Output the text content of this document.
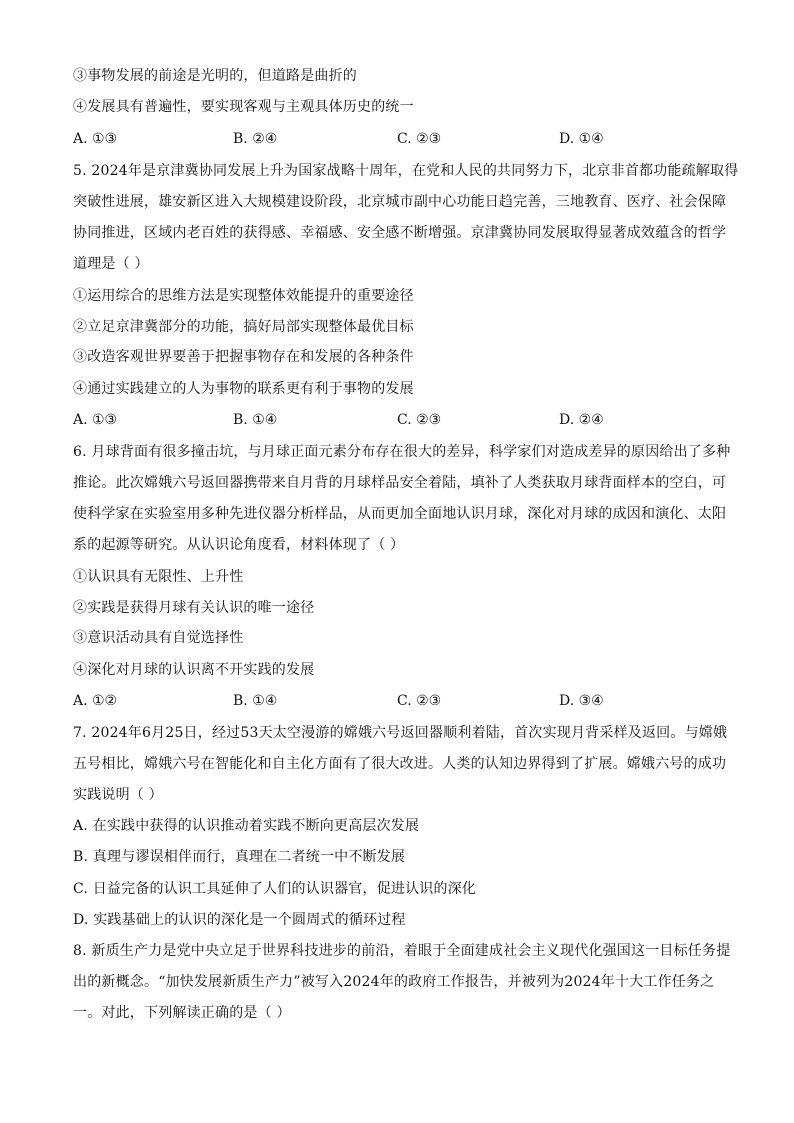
③事物发展的前途是光明的，但道路是曲折的
④发展具有普遍性，要实现客观与主观具体历史的统一
A. ①③	B. ②④	C. ②③	D. ①④
5. 2024年是京津冀协同发展上升为国家战略十周年，在党和人民的共同努力下，北京非首都功能疏解取得
突破性进展，雄安新区进入大规模建设阶段，北京城市副中心功能日趋完善，三地教育、医疗、社会保障
协同推进，区域内老百姓的获得感、幸福感、安全感不断增强。京津冀协同发展取得显著成效蕴含的哲学
道理是（ ）
①运用综合的思维方法是实现整体效能提升的重要途径
②立足京津冀部分的功能，搞好局部实现整体最优目标
③改造客观世界要善于把握事物存在和发展的各种条件
④通过实践建立的人为事物的联系更有利于事物的发展
A. ①③	B. ①④	C. ②③	D. ②④
6. 月球背面有很多撞击坑，与月球正面元素分布存在很大的差异，科学家们对造成差异的原因给出了多种
推论。此次嫦娥六号返回器携带来自月背的月球样品安全着陆，填补了人类获取月球背面样本的空白，可
使科学家在实验室用多种先进仪器分析样品，从而更加全面地认识月球，深化对月球的成因和演化、太阳
系的起源等研究。从认识论角度看，材料体现了（ ）
①认识具有无限性、上升性
②实践是获得月球有关认识的唯一途径
③意识活动具有自觉选择性
④深化对月球的认识离不开实践的发展
A. ①②	B. ①④	C. ②③	D. ③④
7. 2024年6月25日，经过53天太空漫游的嫦娥六号返回器顺利着陆，首次实现月背采样及返回。与嫦娥
五号相比，嫦娥六号在智能化和自主化方面有了很大改进。人类的认知边界得到了扩展。嫦娥六号的成功
实践说明（ ）
A. 在实践中获得的认识推动着实践不断向更高层次发展
B. 真理与谬误相伴而行，真理在二者统一中不断发展
C. 日益完备的认识工具延伸了人们的认识器官，促进认识的深化
D. 实践基础上的认识的深化是一个圆周式的循环过程
8. 新质生产力是党中央立足于世界科技进步的前沿，着眼于全面建成社会主义现代化强国这一目标任务提
出的新概念。“加快发展新质生产力”被写入2024年的政府工作报告，并被列为2024年十大工作任务之
一。对此，下列解读正确的是（ ）
